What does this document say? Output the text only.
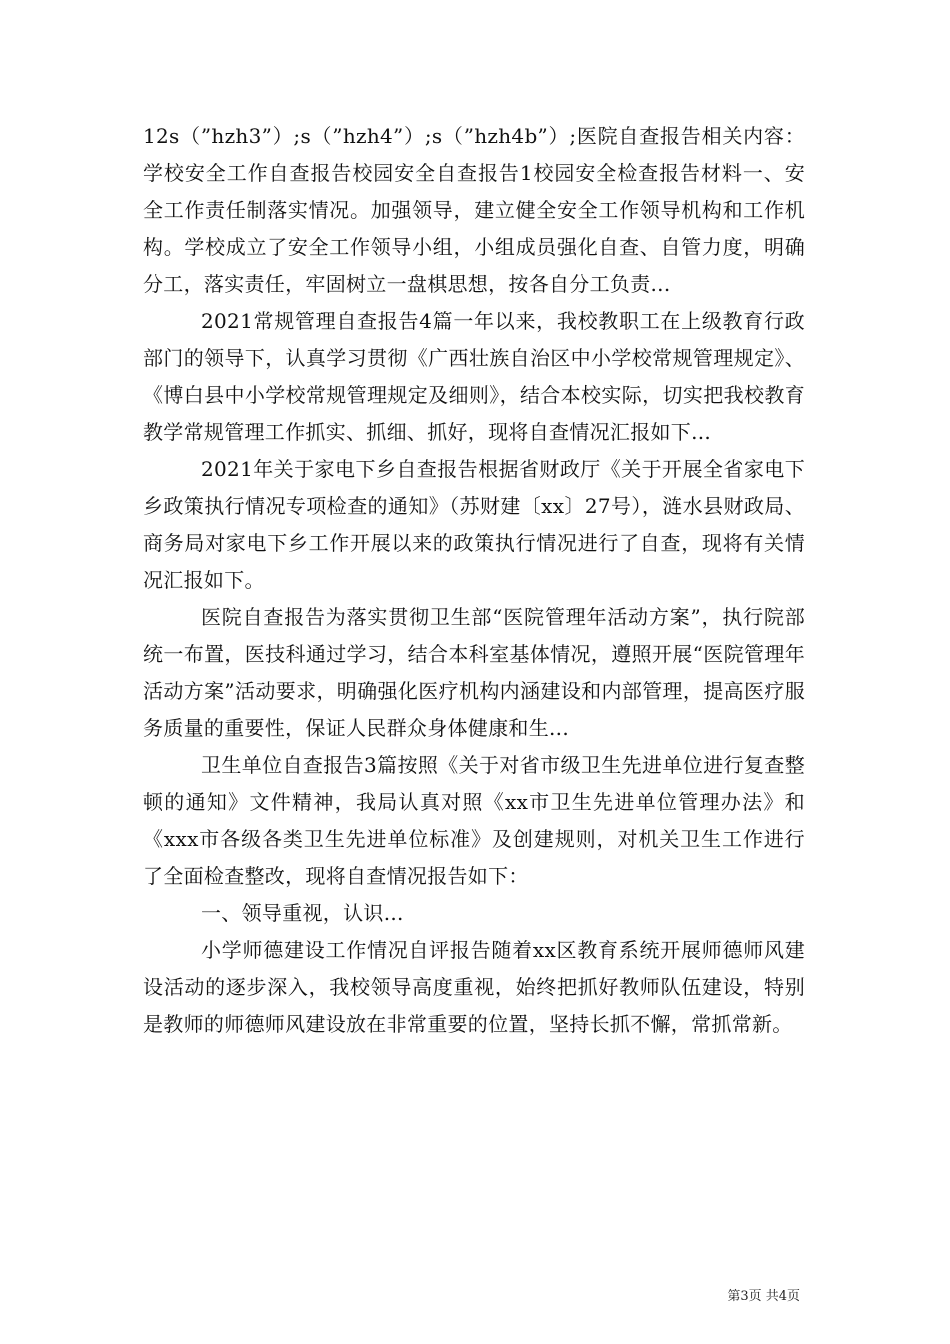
12s（”hzh3”）;s（”hzh4”）;s（”hzh4b”）;医院自查报告相关内容：学校安全工作自查报告校园安全自查报告1校园安全检查报告材料一、安全工作责任制落实情况。加强领导，建立健全安全工作领导机构和工作机构。学校成立了安全工作领导小组，小组成员强化自查、自管力度，明确分工，落实责任，牢固树立一盘棋思想，按各自分工负责...

2021常规管理自查报告4篇一年以来，我校教职工在上级教育行政部门的领导下，认真学习贯彻《广西壮族自治区中小学校常规管理规定》、《博白县中小学校常规管理规定及细则》，结合本校实际，切实把我校教育教学常规管理工作抓实、抓细、抓好，现将自查情况汇报如下...

2021年关于家电下乡自查报告根据省财政厅《关于开展全省家电下乡政策执行情况专项检查的通知》（苏财建〔xx〕27号），涟水县财政局、商务局对家电下乡工作开展以来的政策执行情况进行了自查，现将有关情况汇报如下。

医院自查报告为落实贯彻卫生部“医院管理年活动方案”，执行院部统一布置，医技科通过学习，结合本科室基体情况，遵照开展“医院管理年活动方案”活动要求，明确强化医疗机构内涵建设和内部管理，提高医疗服务质量的重要性，保证人民群众身体健康和生...

卫生单位自查报告3篇按照《关于对省市级卫生先进单位进行复查整顿的通知》文件精神，我局认真对照《xx市卫生先进单位管理办法》和《xxx市各级各类卫生先进单位标准》及创建规则，对机关卫生工作进行了全面检查整改，现将自查情况报告如下：

一、领导重视，认识...

小学师德建设工作情况自评报告随着xx区教育系统开展师德师风建设活动的逐步深入，我校领导高度重视，始终把抓好教师队伍建设，特别是教师的师德师风建设放在非常重要的位置，坚持长抓不懈，常抓常新。

第3页 共4页
